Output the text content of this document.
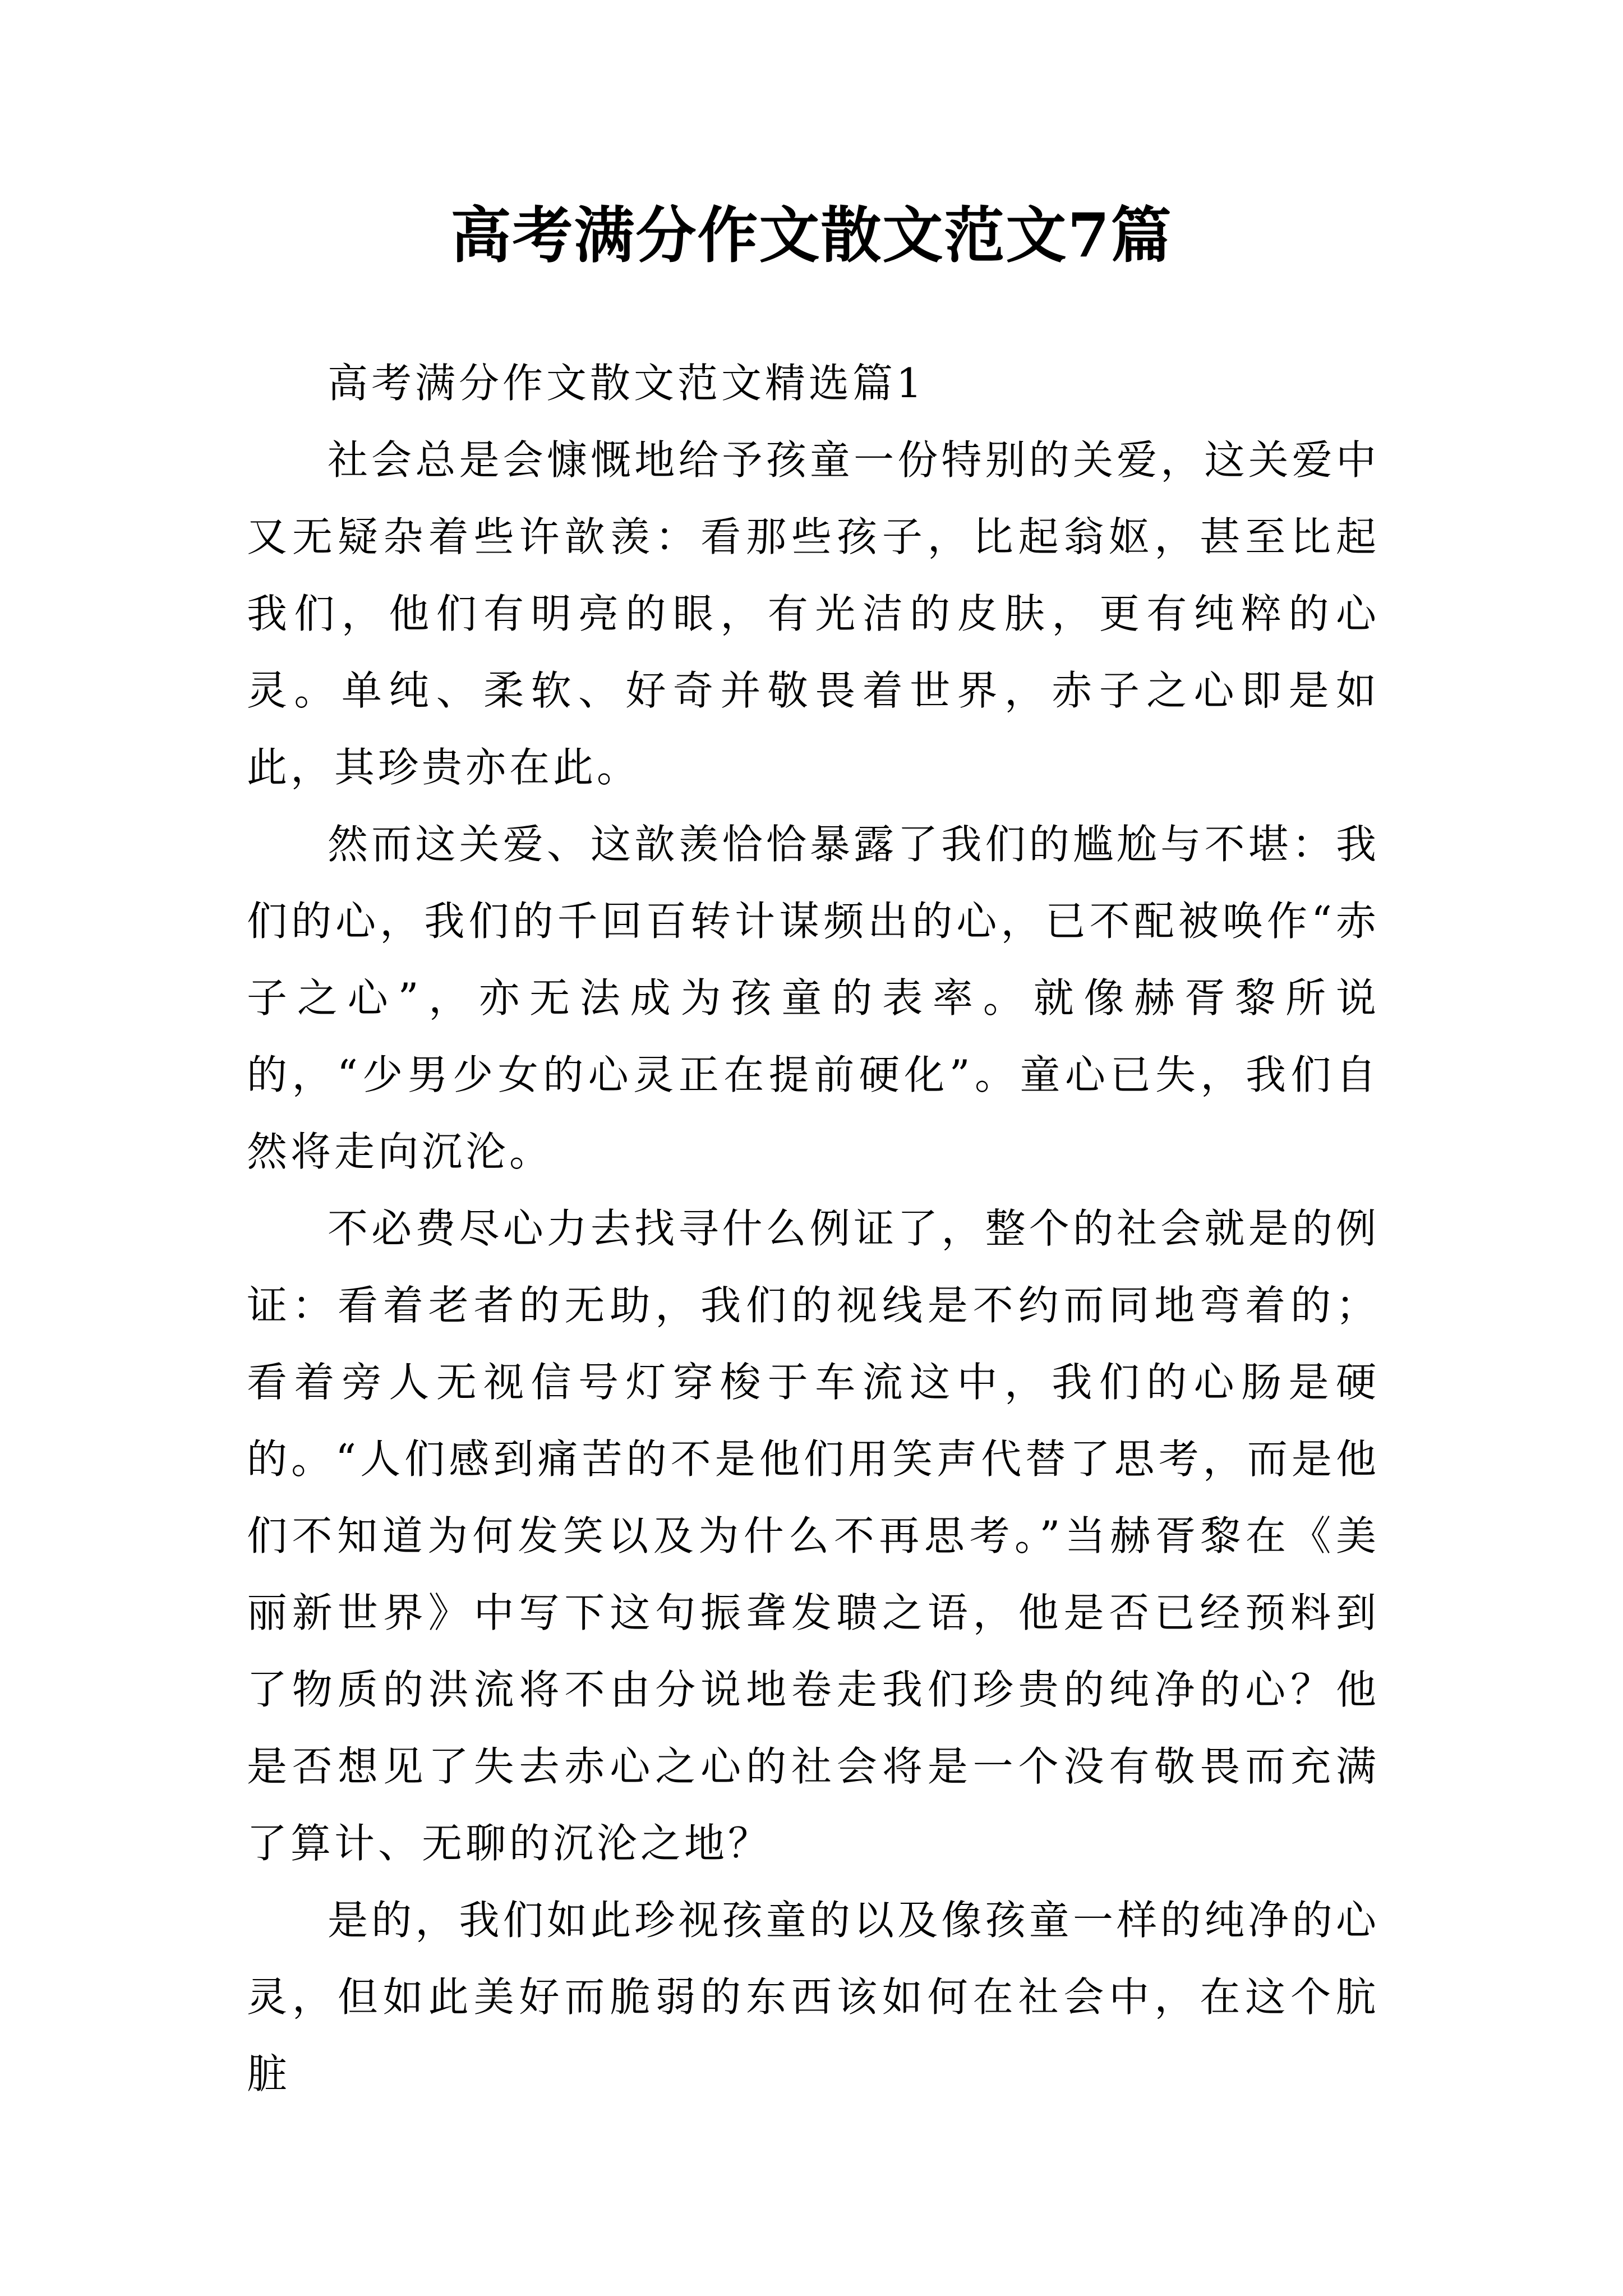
高考满分作文散文范文7篇

高考满分作文散文范文精选篇1

社会总是会慷慨地给予孩童一份特别的关爱，这关爱中又无疑杂着些许歆羡：看那些孩子，比起翁妪，甚至比起我们，他们有明亮的眼，有光洁的皮肤，更有纯粹的心灵。单纯、柔软、好奇并敬畏着世界，赤子之心即是如此，其珍贵亦在此。

然而这关爱、这歆羡恰恰暴露了我们的尴尬与不堪：我们的心，我们的千回百转计谋频出的心，已不配被唤作“赤子之心”，亦无法成为孩童的表率。就像赫胥黎所说的，“少男少女的心灵正在提前硬化”。童心已失，我们自然将走向沉沦。

不必费尽心力去找寻什么例证了，整个的社会就是的例证：看着老者的无助，我们的视线是不约而同地弯着的；看着旁人无视信号灯穿梭于车流这中，我们的心肠是硬的。“人们感到痛苦的不是他们用笑声代替了思考，而是他们不知道为何发笑以及为什么不再思考。”当赫胥黎在《美丽新世界》中写下这句振聋发聩之语，他是否已经预料到了物质的洪流将不由分说地卷走我们珍贵的纯净的心？他是否想见了失去赤心之心的社会将是一个没有敬畏而充满了算计、无聊的沉沦之地？

是的，我们如此珍视孩童的以及像孩童一样的纯净的心灵，但如此美好而脆弱的东西该如何在社会中，在这个肮脏
